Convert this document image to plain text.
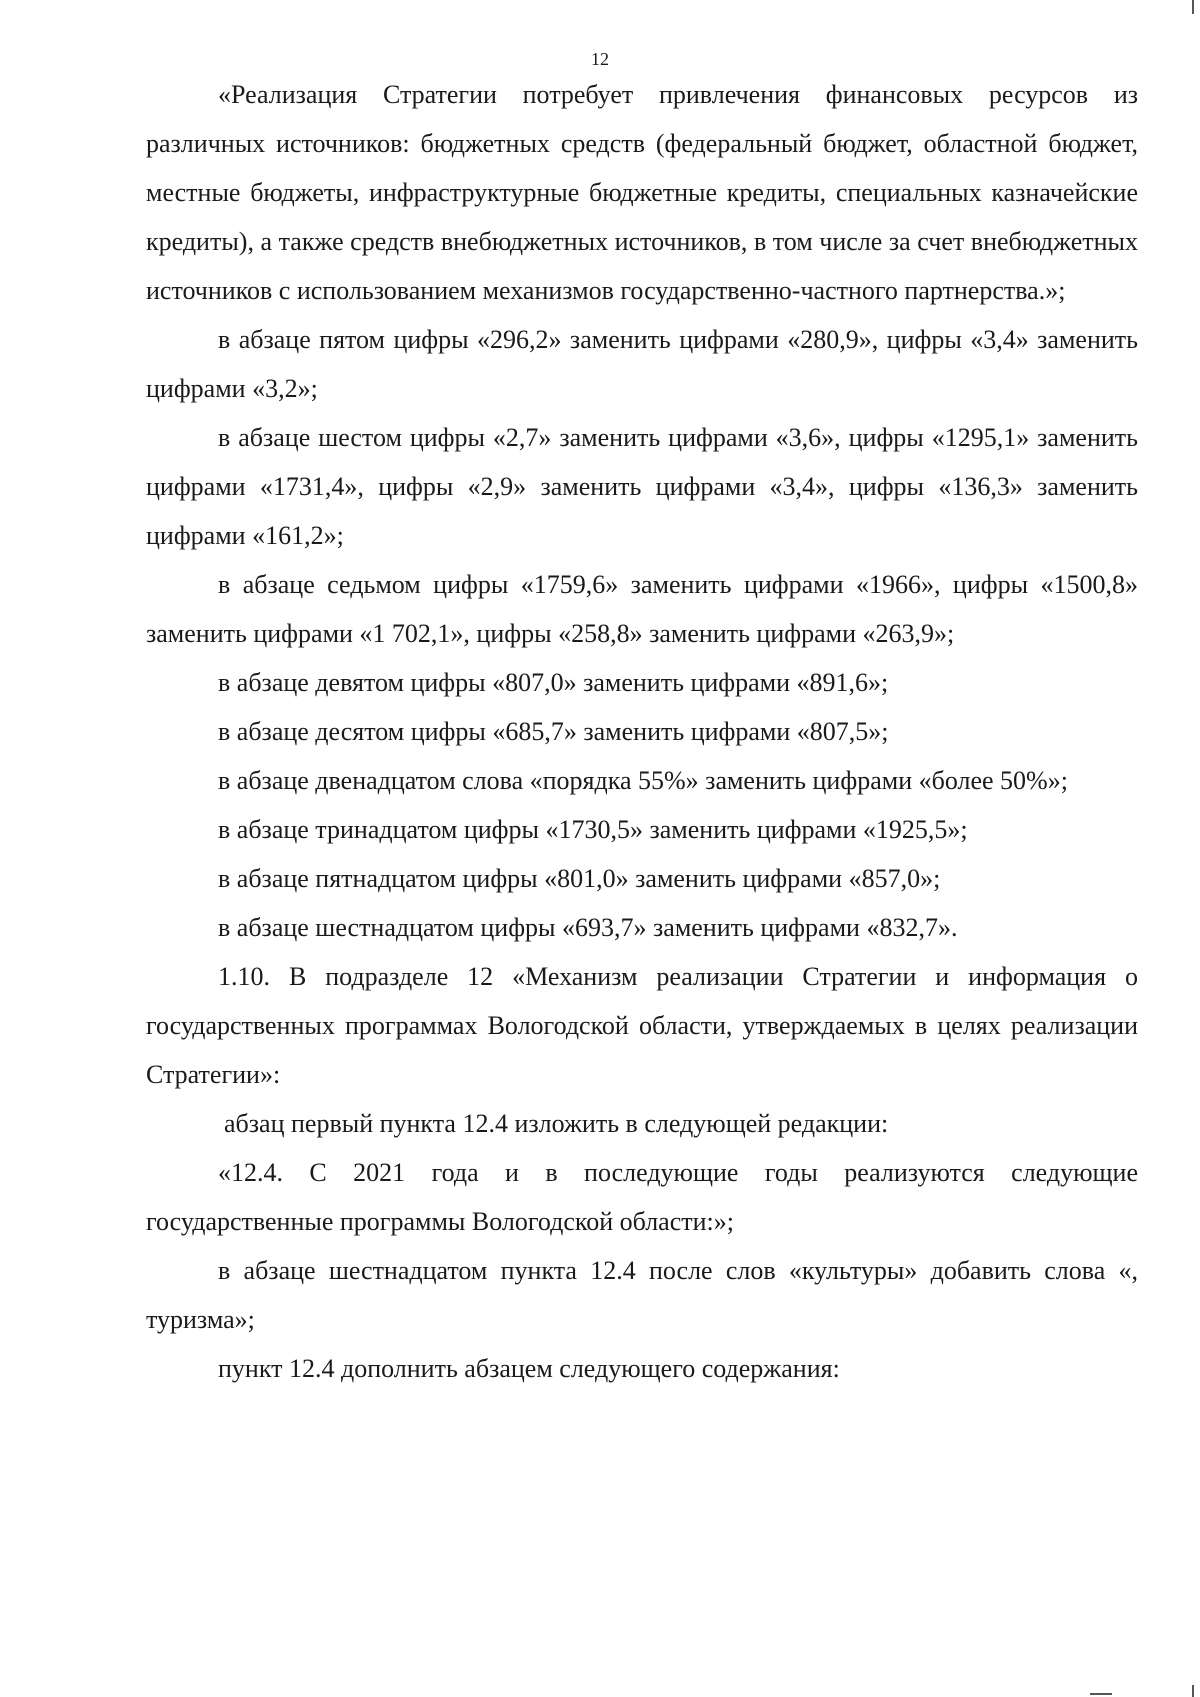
12

«Реализация Стратегии потребует привлечения финансовых ресурсов из различных источников: бюджетных средств (федеральный бюджет, областной бюджет, местные бюджеты, инфраструктурные бюджетные кредиты, специальных казначейские кредиты), а также средств внебюджетных источников, в том числе за счет внебюджетных источников с использованием механизмов государственно-частного партнерства.»;

в абзаце пятом цифры «296,2» заменить цифрами «280,9», цифры «3,4» заменить цифрами «3,2»;

в абзаце шестом цифры «2,7» заменить цифрами «3,6», цифры «1295,1» заменить цифрами «1731,4», цифры «2,9» заменить цифрами «3,4», цифры «136,3» заменить цифрами «161,2»;

в абзаце седьмом цифры «1759,6» заменить цифрами «1966», цифры «1500,8» заменить цифрами «1 702,1», цифры «258,8» заменить цифрами «263,9»;

в абзаце девятом цифры «807,0» заменить цифрами «891,6»;

в абзаце десятом цифры «685,7» заменить цифрами «807,5»;

в абзаце двенадцатом слова «порядка 55%» заменить цифрами «более 50%»;

в абзаце тринадцатом цифры «1730,5» заменить цифрами «1925,5»;

в абзаце пятнадцатом цифры «801,0» заменить цифрами «857,0»;

в абзаце шестнадцатом цифры «693,7» заменить цифрами «832,7».

1.10. В подразделе 12 «Механизм реализации Стратегии и информация о государственных программах Вологодской области, утверждаемых в целях реализации Стратегии»:

абзац первый пункта 12.4 изложить в следующей редакции:

«12.4. С 2021 года и в последующие годы реализуются следующие государственные программы Вологодской области:»;

в абзаце шестнадцатом пункта 12.4 после слов «культуры» добавить слова «, туризма»;

пункт 12.4 дополнить абзацем следующего содержания:
